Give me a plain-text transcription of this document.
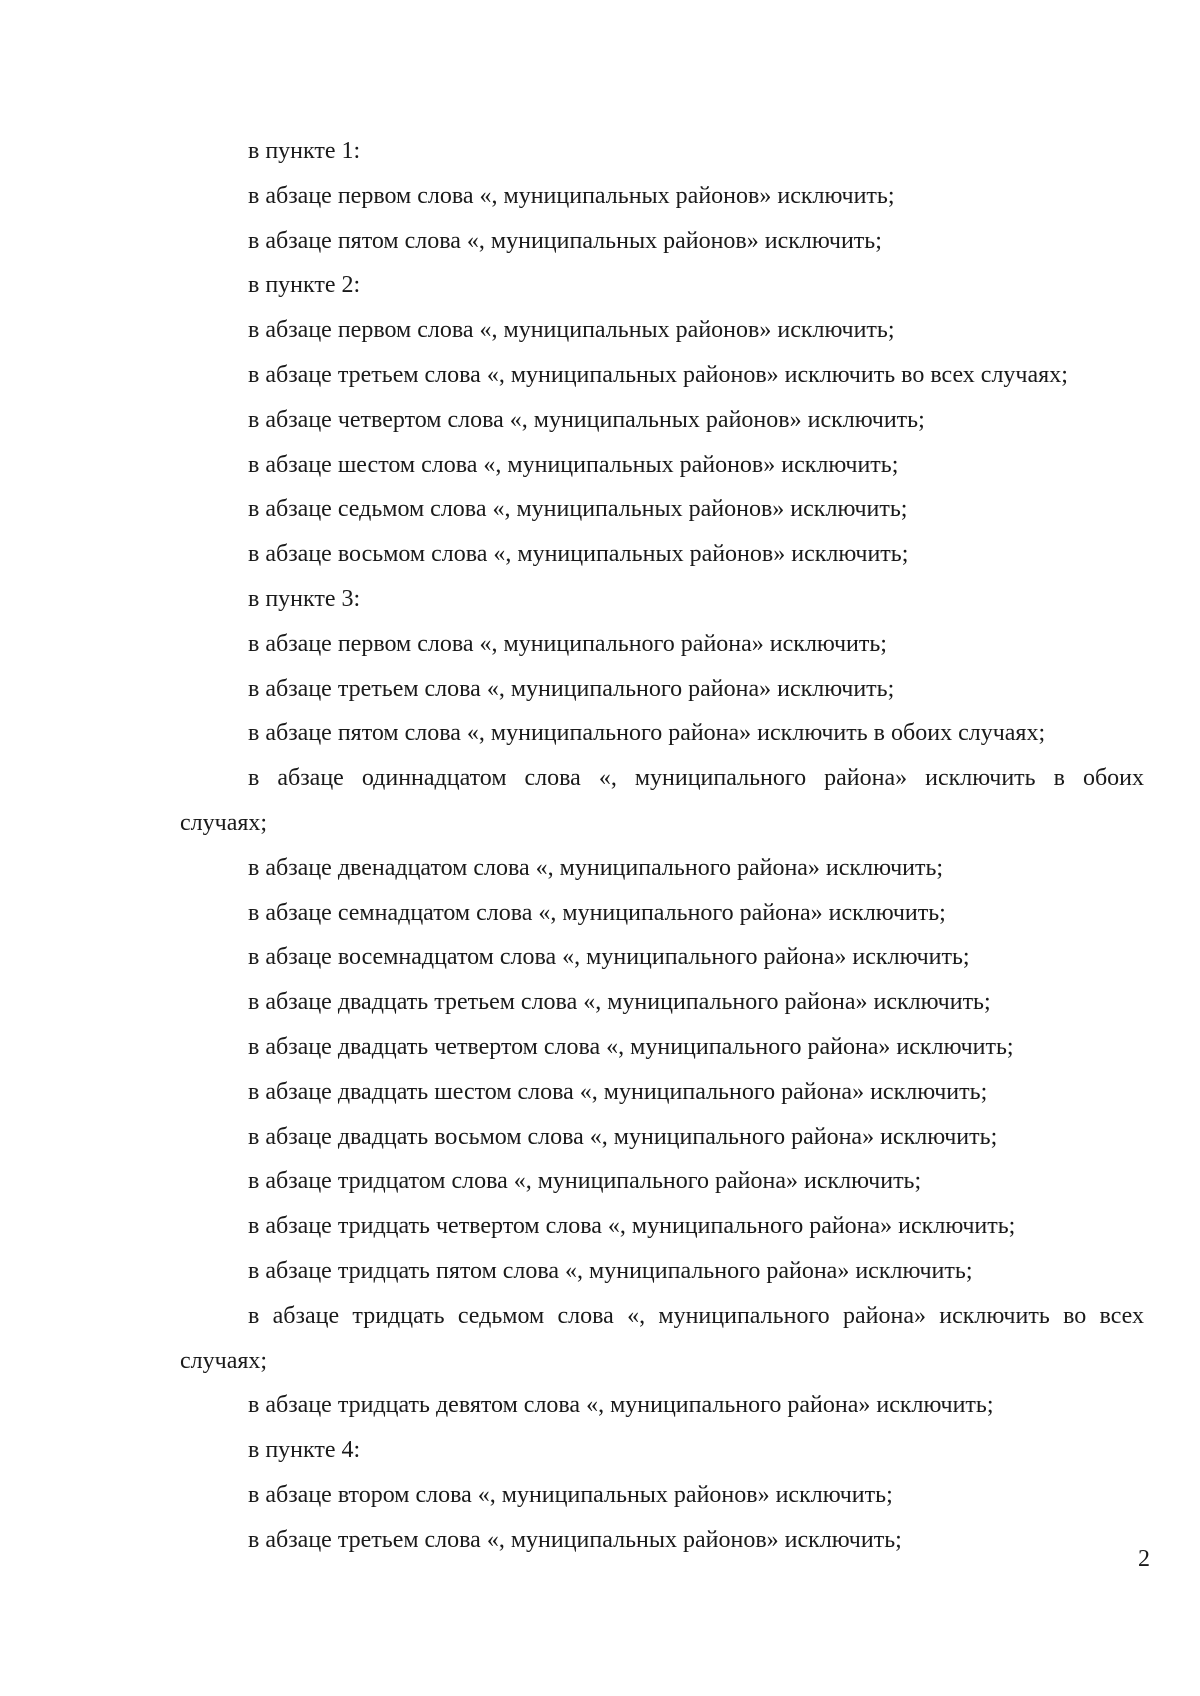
в пункте 1:

в абзаце первом слова «, муниципальных районов» исключить;

в абзаце пятом слова «, муниципальных районов» исключить;

в пункте 2:

в абзаце первом слова «, муниципальных районов» исключить;

в абзаце третьем слова «, муниципальных районов» исключить во всех случаях;

в абзаце четвертом слова «, муниципальных районов» исключить;

в абзаце шестом слова «, муниципальных районов» исключить;

в абзаце седьмом слова «, муниципальных районов» исключить;

в абзаце восьмом слова «, муниципальных районов» исключить;

в пункте 3:

в абзаце первом слова «, муниципального района» исключить;

в абзаце третьем слова «, муниципального района» исключить;

в абзаце пятом слова «, муниципального района» исключить в обоих случаях;

в абзаце одиннадцатом слова «, муниципального района» исключить в обоих

случаях;

в абзаце двенадцатом слова «, муниципального района» исключить;

в абзаце семнадцатом слова «, муниципального района» исключить;

в абзаце восемнадцатом слова «, муниципального района» исключить;

в абзаце двадцать третьем слова «, муниципального района» исключить;

в абзаце двадцать четвертом слова «, муниципального района» исключить;

в абзаце двадцать шестом слова «, муниципального района» исключить;

в абзаце двадцать восьмом слова «, муниципального района» исключить;

в абзаце тридцатом слова «, муниципального района» исключить;

в абзаце тридцать четвертом слова «, муниципального района» исключить;

в абзаце тридцать пятом слова «, муниципального района» исключить;

в абзаце тридцать седьмом слова «, муниципального района» исключить во всех

случаях;

в абзаце тридцать девятом слова «, муниципального района» исключить;

в пункте 4:

в абзаце втором слова «, муниципальных районов» исключить;

в абзаце третьем слова «, муниципальных районов» исключить;

2
